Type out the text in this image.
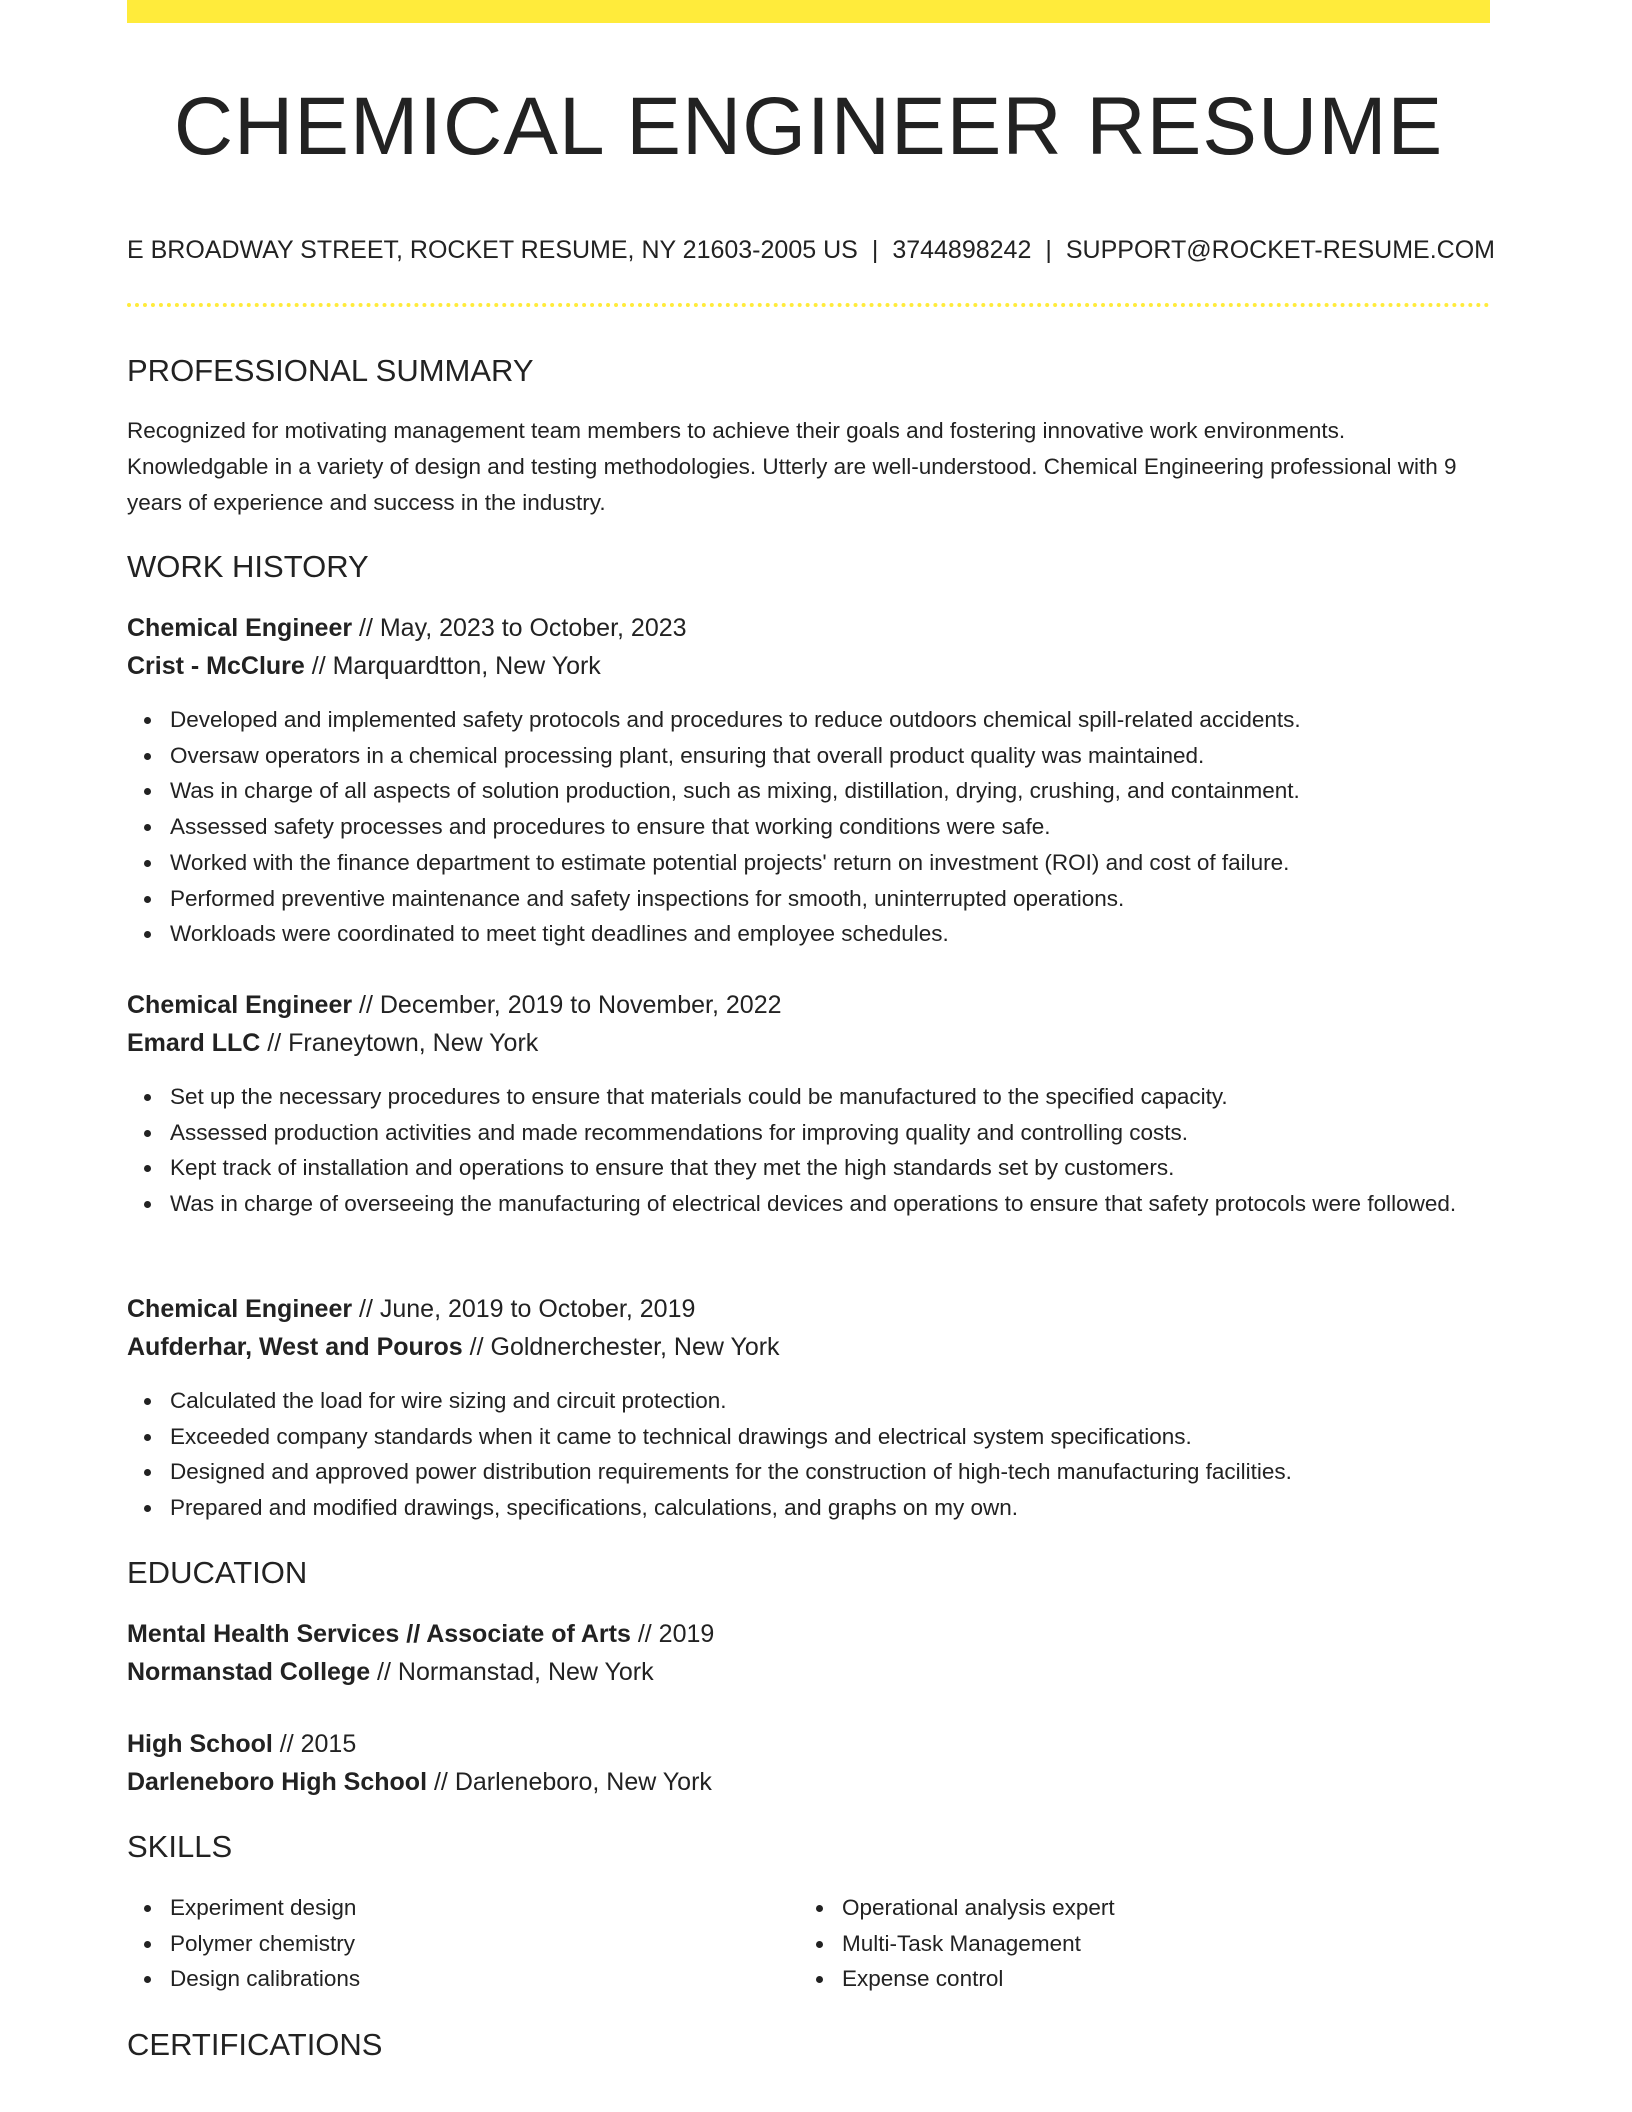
CHEMICAL ENGINEER RESUME
E BROADWAY STREET, ROCKET RESUME, NY 21603-2005 US | 3744898242 | SUPPORT@ROCKET-RESUME.COM
PROFESSIONAL SUMMARY

Recognized for motivating management team members to achieve their goals and fostering innovative work environments. Knowledgable in a variety of design and testing methodologies. Utterly are well-understood. Chemical Engineering professional with 9 years of experience and success in the industry.

WORK HISTORY
Chemical Engineer // May, 2023 to October, 2023
Crist - McClure // Marquardtton, New York
Developed and implemented safety protocols and procedures to reduce outdoors chemical spill-related accidents.
Oversaw operators in a chemical processing plant, ensuring that overall product quality was maintained.
Was in charge of all aspects of solution production, such as mixing, distillation, drying, crushing, and containment.
Assessed safety processes and procedures to ensure that working conditions were safe.
Worked with the finance department to estimate potential projects' return on investment (ROI) and cost of failure.
Performed preventive maintenance and safety inspections for smooth, uninterrupted operations.
Workloads were coordinated to meet tight deadlines and employee schedules.
Chemical Engineer // December, 2019 to November, 2022
Emard LLC // Franeytown, New York
Set up the necessary procedures to ensure that materials could be manufactured to the specified capacity.
Assessed production activities and made recommendations for improving quality and controlling costs.
Kept track of installation and operations to ensure that they met the high standards set by customers.
Was in charge of overseeing the manufacturing of electrical devices and operations to ensure that safety protocols were followed.
Chemical Engineer // June, 2019 to October, 2019
Aufderhar, West and Pouros // Goldnerchester, New York
Calculated the load for wire sizing and circuit protection.
Exceeded company standards when it came to technical drawings and electrical system specifications.
Designed and approved power distribution requirements for the construction of high-tech manufacturing facilities.
Prepared and modified drawings, specifications, calculations, and graphs on my own.
EDUCATION
Mental Health Services // Associate of Arts // 2019
Normanstad College // Normanstad, New York
High School // 2015
Darleneboro High School // Darleneboro, New York
SKILLS
Experiment design
Polymer chemistry
Design calibrations
Operational analysis expert
Multi-Task Management
Expense control
CERTIFICATIONS
